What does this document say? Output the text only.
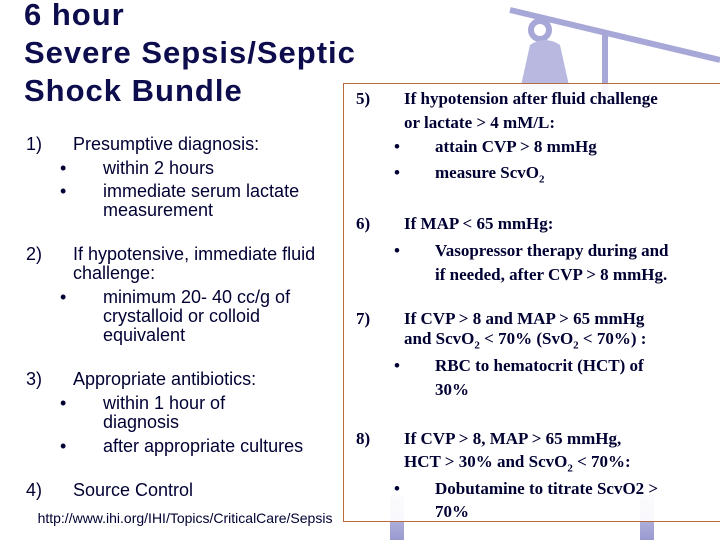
6 hour
Severe Sepsis/Septic
Shock Bundle
1) Presumptive diagnosis:
• within 2 hours
• immediate serum lactate measurement
2) If hypotensive, immediate fluid challenge:
• minimum 20- 40 cc/g of crystalloid or colloid equivalent
3) Appropriate antibiotics:
• within 1 hour of diagnosis
• after appropriate cultures
4) Source Control
http://www.ihi.org/IHI/Topics/CriticalCare/Sepsis
5) If hypotension after fluid challenge
or lactate > 4 mM/L:
• attain CVP > 8 mmHg
• measure ScvO$_2$
6) If MAP < 65 mmHg:
• Vasopressor therapy during and
if needed, after CVP > 8 mmHg.
7) If CVP > 8 and MAP > 65 mmHg
and ScvO$_2$ < 70% (SvO$_2$ < 70%) :
• RBC to hematocrit (HCT) of
30%
8) If CVP > 8, MAP > 65 mmHg,
HCT > 30% and ScvO$_2$ < 70%:
• Dobutamine to titrate ScvO2 >
70%
